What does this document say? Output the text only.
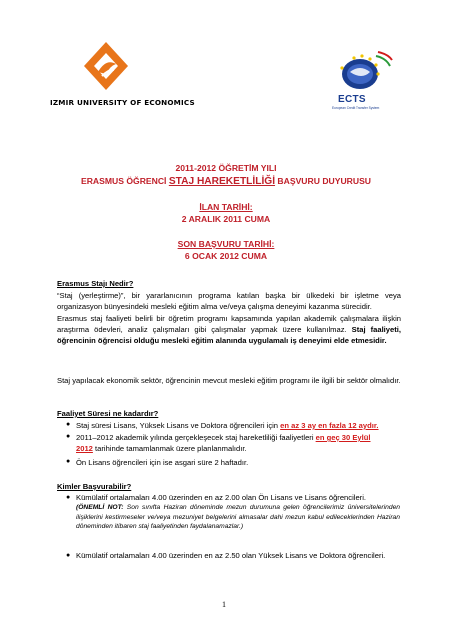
IZMIR UNIVERSITY OF ECONOMICS	ECTS
European Credit Transfer System
2011-2012 ÖĞRETİM YILI
ERASMUS ÖĞRENCİ STAJ HAREKETLİLİĞİ BAŞVURU DUYURUSU
İLAN TARİHİ:
2 ARALIK 2011 CUMA
SON BAŞVURU TARİHİ:
6 OCAK 2012 CUMA
Erasmus Stajı Nedir?
“Staj (yerleştirme)”, bir yararlanıcının programa katılan başka bir ülkedeki bir işletme veya organizasyon bünyesindeki mesleki eğitim alma ve/veya çalışma deneyimi kazanma sürecidir.
Erasmus staj faaliyeti belirli bir öğretim programı kapsamında yapılan akademik çalışmalara ilişkin araştırma ödevleri, analiz çalışmaları gibi çalışmalar yapmak üzere kullanılmaz. Staj faaliyeti, öğrencinin öğrencisi olduğu mesleki eğitim alanında uygulamalı iş deneyimi elde etmesidir.
Staj yapılacak ekonomik sektör, öğrencinin mevcut mesleki eğitim programı ile ilgili bir sektör olmalıdır.
Faaliyet Süresi ne kadardır?
● Staj süresi Lisans, Yüksek Lisans ve Doktora öğrencileri için en az 3 ay en fazla 12 aydır.
● 2011–2012 akademik yılında gerçekleşecek staj hareketliliği faaliyetleri en geç 30 Eylül
2012 tarihinde tamamlanmak üzere planlanmalıdır.
● Ön Lisans öğrencileri için ise asgari süre 2 haftadır.
Kimler Başvurabilir?
● Kümülatif ortalamaları 4.00 üzerinden en az 2.00 olan Ön Lisans ve Lisans öğrencileri.
(ÖNEMLİ NOT: Son sınıfta Haziran döneminde mezun durumuna gelen öğrencilerimiz üniversitelerinden ilişiklerini kestirmeseler ve/veya mezuniyet belgelerini almasalar dahi mezun kabul edileceklerinden Haziran döneminden itibaren staj faaliyetinden faydalanamazlar.)
● Kümülatif ortalamaları 4.00 üzerinden en az 2.50 olan Yüksek Lisans ve Doktora öğrencileri.
1
